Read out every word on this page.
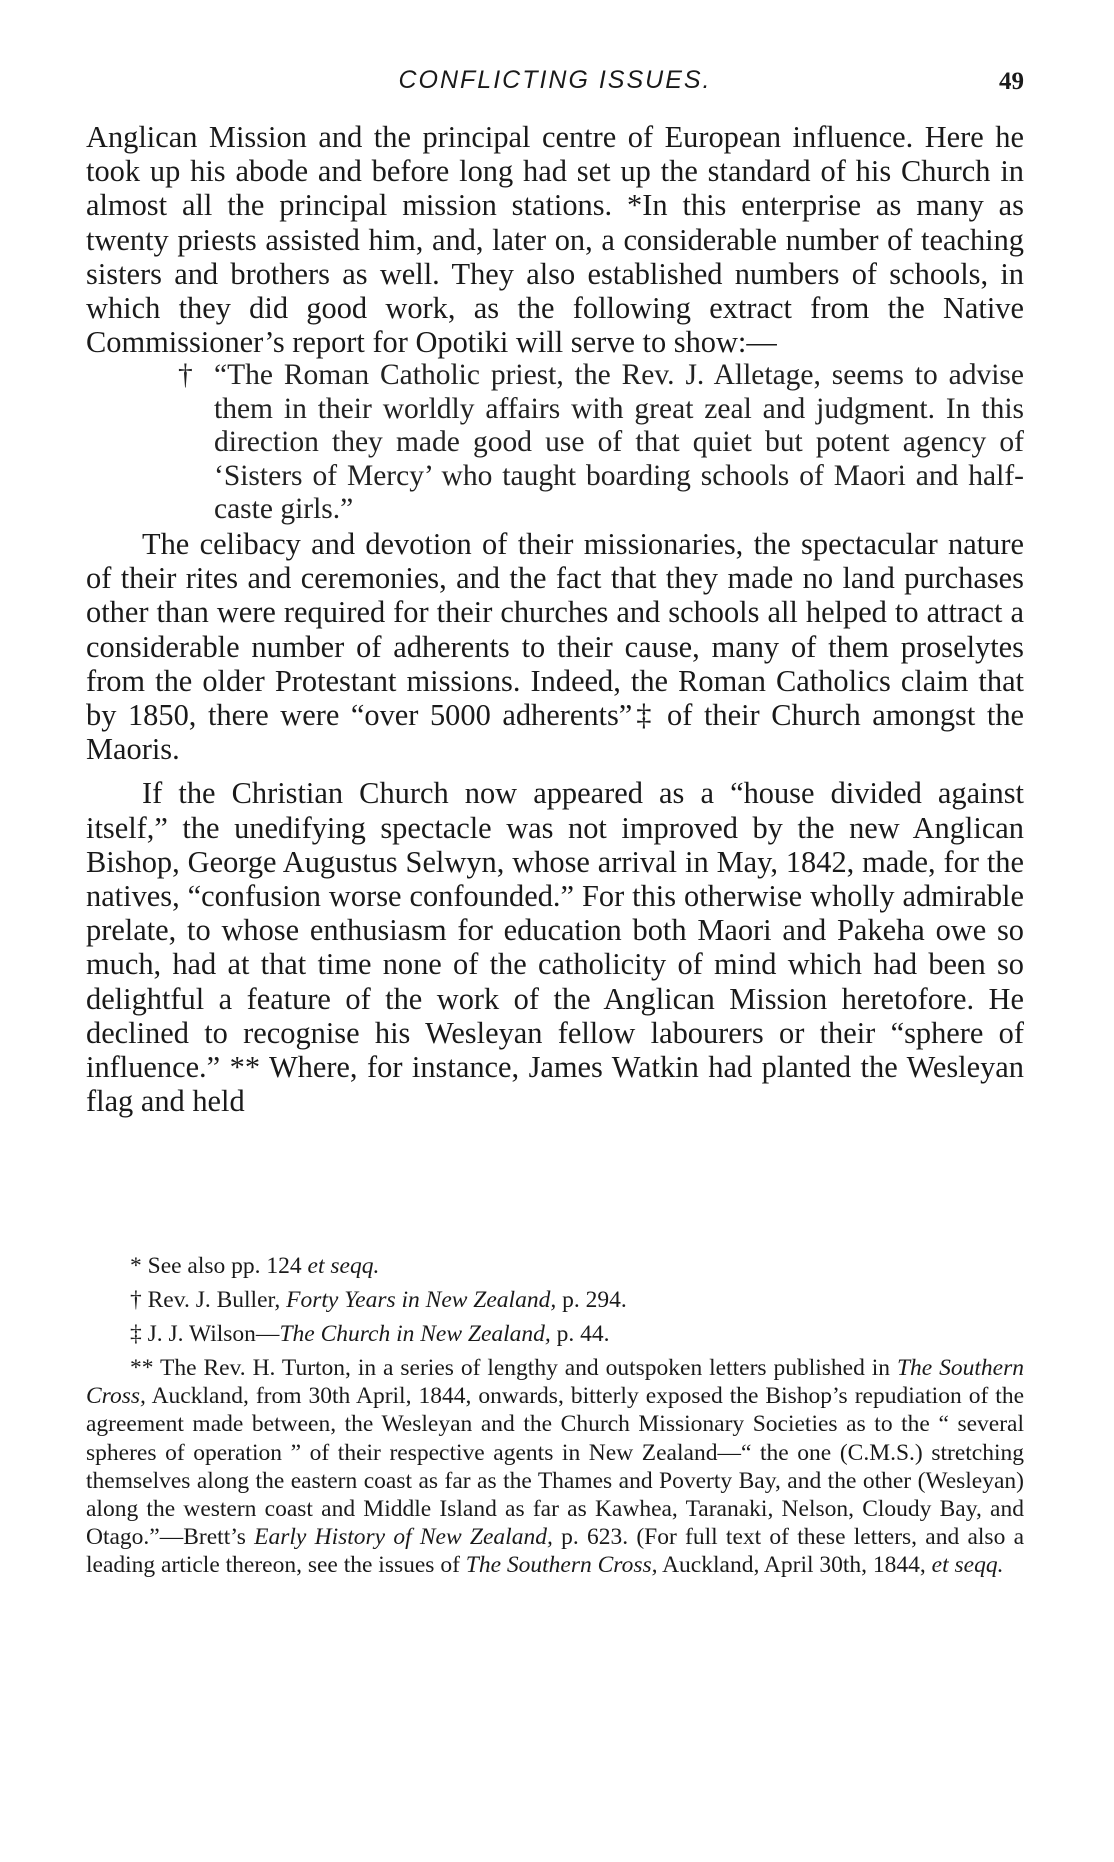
CONFLICTING ISSUES.	49

Anglican Mission and the principal centre of European influence. Here he took up his abode and before long had set up the standard of his Church in almost all the principal mission stations. *In this enterprise as many as twenty priests assisted him, and, later on, a considerable number of teaching sisters and brothers as well. They also established numbers of schools, in which they did good work, as the following extract from the Native Commissioner’s report for Opotiki will serve to show:—

† “The Roman Catholic priest, the Rev. J. Alletage, seems to advise them in their worldly affairs with great zeal and judgment. In this direction they made good use of that quiet but potent agency of ‘Sisters of Mercy’ who taught boarding schools of Maori and half-caste girls.”

The celibacy and devotion of their missionaries, the spectacular nature of their rites and ceremonies, and the fact that they made no land purchases other than were required for their churches and schools all helped to attract a considerable number of adherents to their cause, many of them proselytes from the older Protestant missions. Indeed, the Roman Catholics claim that by 1850, there were “over 5000 adherents”‡ of their Church amongst the Maoris.

If the Christian Church now appeared as a “house divided against itself,” the unedifying spectacle was not improved by the new Anglican Bishop, George Augustus Selwyn, whose arrival in May, 1842, made, for the natives, “confusion worse confounded.” For this otherwise wholly admirable prelate, to whose enthusiasm for education both Maori and Pakeha owe so much, had at that time none of the catholicity of mind which had been so delightful a feature of the work of the Anglican Mission heretofore. He declined to recognise his Wesleyan fellow labourers or their “sphere of influence.” ** Where, for instance, James Watkin had planted the Wesleyan flag and held

* See also pp. 124 et seqq.

† Rev. J. Buller, Forty Years in New Zealand, p. 294.

‡ J. J. Wilson—The Church in New Zealand, p. 44.

** The Rev. H. Turton, in a series of lengthy and outspoken letters published in The Southern Cross, Auckland, from 30th April, 1844, onwards, bitterly exposed the Bishop’s repudiation of the agreement made between, the Wesleyan and the Church Missionary Societies as to the “ several spheres of operation ” of their respective agents in New Zealand—“ the one (C.M.S.) stretching themselves along the eastern coast as far as the Thames and Poverty Bay, and the other (Wesleyan) along the western coast and Middle Island as far as Kawhea, Taranaki, Nelson, Cloudy Bay, and Otago.”—Brett’s Early History of New Zealand, p. 623. (For full text of these letters, and also a leading article thereon, see the issues of The Southern Cross, Auckland, April 30th, 1844, et seqq.
